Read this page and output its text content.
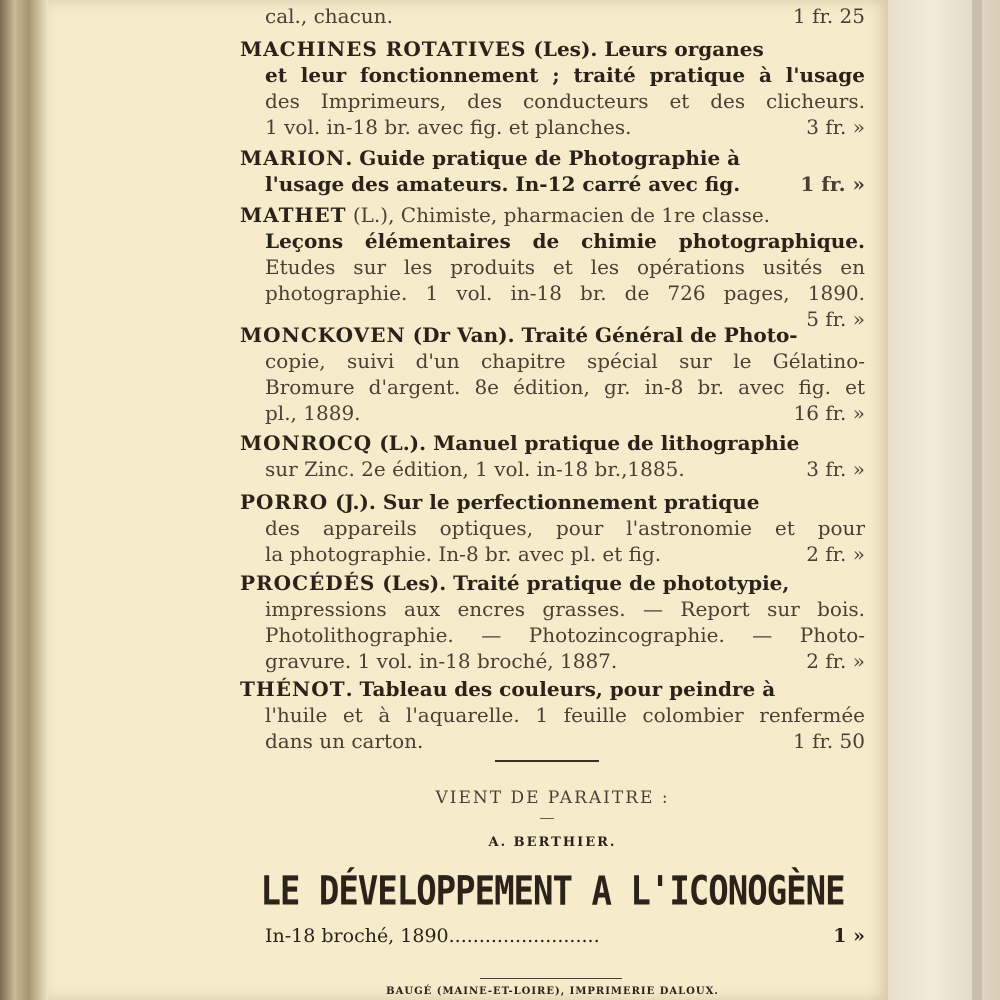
cal., chacun.	1 fr. 25
MACHINES ROTATIVES (Les). Leurs organes
et leur fonctionnement ; traité pratique à l'usage
des Imprimeurs, des conducteurs et des clicheurs.
1 vol. in-18 br. avec fig. et planches.	3 fr. »
MARION. Guide pratique de Photographie à
l'usage des amateurs. In-12 carré avec fig.	1 fr. »
MATHET (L.), Chimiste, pharmacien de 1re classe.
Leçons élémentaires de chimie photographique.
Etudes sur les produits et les opérations usités en
photographie. 1 vol. in-18 br. de 726 pages, 1890.
5 fr. »
MONCKOVEN (Dr Van). Traité Général de Photo-
copie, suivi d'un chapitre spécial sur le Gélatino-
Bromure d'argent. 8e édition, gr. in-8 br. avec fig. et
pl., 1889.	16 fr. »
MONROCQ (L.). Manuel pratique de lithographie
sur Zinc. 2e édition, 1 vol. in-18 br.,1885.	3 fr. »
PORRO (J.). Sur le perfectionnement pratique
des appareils optiques, pour l'astronomie et pour
la photographie. In-8 br. avec pl. et fig.	2 fr. »
PROCÉDÉS (Les). Traité pratique de phototypie,
impressions aux encres grasses. — Report sur bois.
Photolithographie. — Photozincographie. — Photo-
gravure. 1 vol. in-18 broché, 1887.	2 fr. »
THÉNOT. Tableau des couleurs, pour peindre à
l'huile et à l'aquarelle. 1 feuille colombier renfermée
dans un carton.	1 fr. 50
VIENT DE PARAITRE :
A. BERTHIER.
LE DÉVELOPPEMENT A L'ICONOGÈNE
In-18 broché, 1890.........................	1 »
BAUGÉ (MAINE-ET-LOIRE), IMPRIMERIE DALOUX.
